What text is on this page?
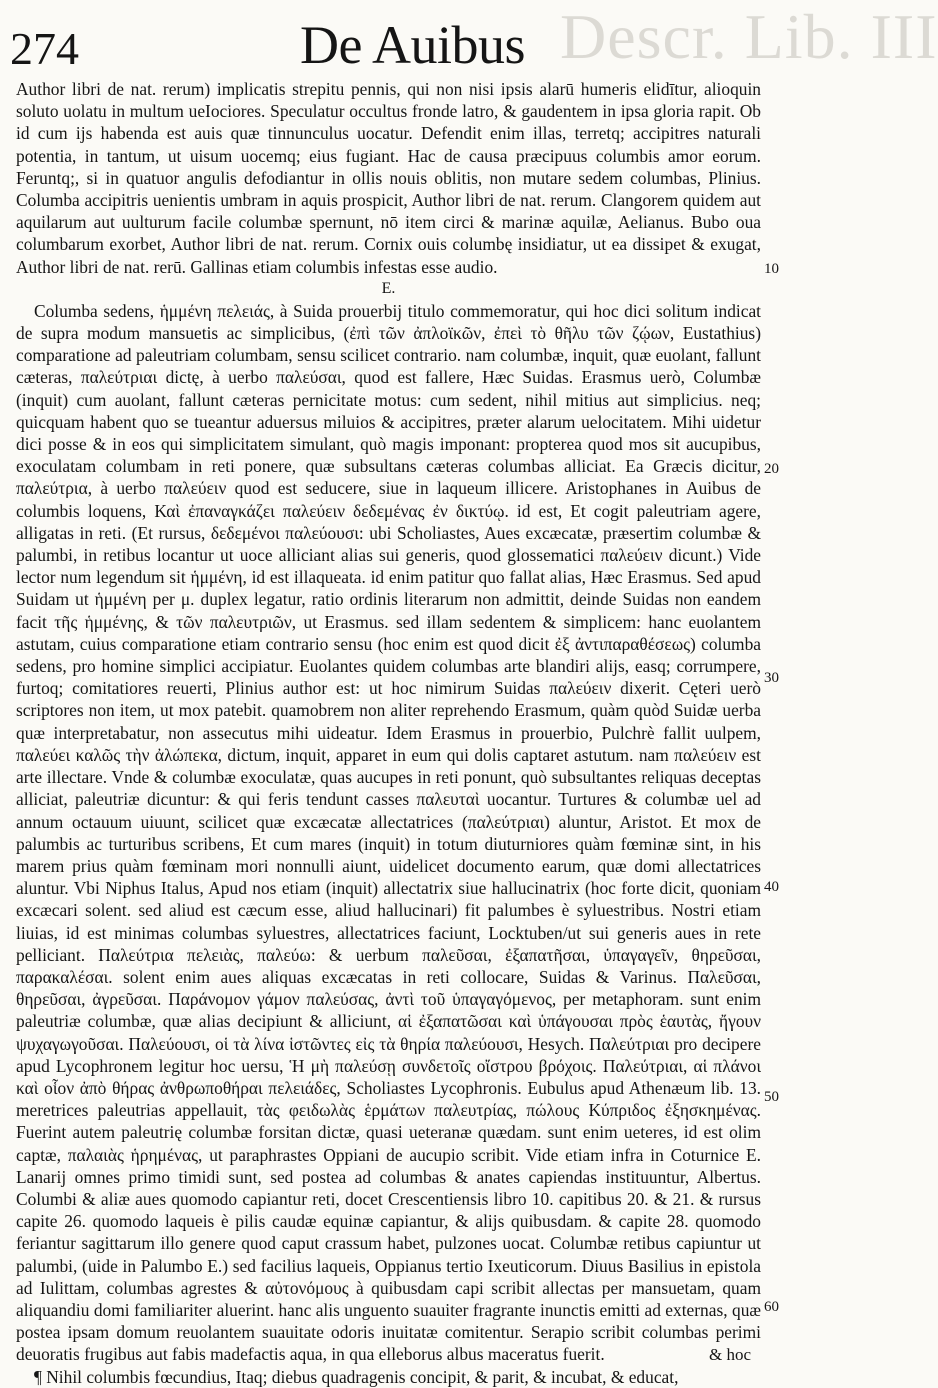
Descr. Lib. III
274	De Auibus

Author libri de nat. rerum) implicatis strepitu pennis, qui non nisi ipsis alarū humeris elidītur, alioquin soluto uolatu in multum ueIociores. Speculatur occultus fronde latro, & gaudentem in ipsa gloria rapit. Ob id cum ijs habenda est auis quæ tinnunculus uocatur. Defendit enim illas, terretq; accipitres naturali potentia, in tantum, ut uisum uocemq; eius fugiant. Hac de causa præcipuus columbis amor eorum. Feruntq;, si in quatuor angulis defodiantur in ollis nouis oblitis, non mutare sedem columbas, Plinius. Columba accipitris uenientis umbram in aquis prospicit, Author libri de nat. rerum. Clangorem quidem aut aquilarum aut uulturum facile columbæ spernunt, nō item circi & marinæ aquilæ, Aelianus. Bubo oua columbarum exorbet, Author libri de nat. rerum. Cornix ouis columbę insidiatur, ut ea dissipet & exugat, Author libri de nat. rerū. Gallinas etiam columbis infestas esse audio.

E.

Columba sedens, ἡμμένη πελειάς, à Suida prouerbij titulo commemoratur, qui hoc dici solitum indicat de supra modum mansuetis ac simplicibus, (ἐπὶ τῶν ἀπλοϊκῶν, ἐπεὶ τὸ θῆλυ τῶν ζῴων, Eustathius) comparatione ad paleutriam columbam, sensu scilicet contrario. nam columbæ, inquit, quæ euolant, fallunt cæteras, παλεύτριαι dictę, à uerbo παλεύσαι, quod est fallere, Hæc Suidas. Erasmus uerò, Columbæ (inquit) cum auolant, fallunt cæteras pernicitate motus: cum sedent, nihil mitius aut simplicius. neq; quicquam habent quo se tueantur aduersus miluios & accipitres, præter alarum uelocitatem. Mihi uidetur dici posse & in eos qui simplicitatem simulant, quò magis imponant: propterea quod mos sit aucupibus, exoculatam columbam in reti ponere, quæ subsultans cæteras columbas alliciat. Ea Græcis dicitur, παλεύτρια, à uerbo παλεύειν quod est seducere, siue in laqueum illicere. Aristophanes in Auibus de columbis loquens, Καὶ ἐπαναγκάζει παλεύειν δεδεμένας ἐν δικτύῳ. id est, Et cogit paleutriam agere, alligatas in reti. (Et rursus, δεδεμένοι παλεύουσι: ubi Scholiastes, Aues excæcatæ, præsertim columbæ & palumbi, in retibus locantur ut uoce alliciant alias sui generis, quod glossematici παλεύειν dicunt.) Vide lector num legendum sit ἡμμένη, id est illaqueata. id enim patitur quo fallat alias, Hæc Erasmus. Sed apud Suidam ut ἡμμένη per μ. duplex legatur, ratio ordinis literarum non admittit, deinde Suidas non eandem facit τῆς ἡμμένης, & τῶν παλευτριῶν, ut Erasmus. sed illam sedentem & simplicem: hanc euolantem astutam, cuius comparatione etiam contrario sensu (hoc enim est quod dicit ἐξ ἀντιπαραθέσεως) columba sedens, pro homine simplici accipiatur. Euolantes quidem columbas arte blandiri alijs, easq; corrumpere, furtoq; comitatiores reuerti, Plinius author est: ut hoc nimirum Suidas παλεύειν dixerit. Cęteri uerò scriptores non item, ut mox patebit. quamobrem non aliter reprehendo Erasmum, quàm quòd Suidæ uerba quæ interpretabatur, non assecutus mihi uideatur. Idem Erasmus in prouerbio, Pulchrè fallit uulpem, παλεύει καλῶς τὴν ἀλώπεκα, dictum, inquit, apparet in eum qui dolis captaret astutum. nam παλεύειν est arte illectare. Vnde & columbæ exoculatæ, quas aucupes in reti ponunt, quò subsultantes reliquas deceptas alliciat, paleutriæ dicuntur: & qui feris tendunt casses παλευταὶ uocantur. Turtures & columbæ uel ad annum octauum uiuunt, scilicet quæ excæcatæ allectatrices (παλεύτριαι) aluntur, Aristot. Et mox de palumbis ac turturibus scribens, Et cum mares (inquit) in totum diuturniores quàm fœminæ sint, in his marem prius quàm fœminam mori nonnulli aiunt, uidelicet documento earum, quæ domi allectatrices aluntur. Vbi Niphus Italus, Apud nos etiam (inquit) allectatrix siue hallucinatrix (hoc forte dicit, quoniam excæcari solent. sed aliud est cæcum esse, aliud hallucinari) fit palumbes è syluestribus. Nostri etiam liuias, id est minimas columbas syluestres, allectatrices faciunt, Locktuben/ut sui generis aues in rete pelliciant. Παλεύτρια πελειὰς, παλεύω: & uerbum παλεῦσαι, ἐξαπατῆσαι, ὑπαγαγεῖν, θηρεῦσαι, παρακαλέσαι. solent enim aues aliquas excæcatas in reti collocare, Suidas & Varinus. Παλεῦσαι, θηρεῦσαι, ἀγρεῦσαι. Παράνομον γάμον παλεύσας, ἀντὶ τοῦ ὑπαγαγόμενος, per metaphoram. sunt enim paleutriæ columbæ, quæ alias decipiunt & alliciunt, αἱ ἐξαπατῶσαι καὶ ὑπάγουσαι πρὸς ἑαυτὰς, ἤγουν ψυχαγωγοῦσαι. Παλεύουσι, οἱ τὰ λίνα ἱστῶντες εἰς τὰ θηρία παλεύουσι, Hesych. Παλεύτριαι pro decipere apud Lycophronem legitur hoc uersu, Ἡ μὴ παλεύσῃ συνδετοῖς οἴστρου βρόχοις. Παλεύτριαι, αἱ πλάνοι καὶ οἷον ἀπὸ θήρας ἀνθρωποθήραι πελειάδες, Scholiastes Lycophronis. Eubulus apud Athenæum lib. 13. meretrices paleutrias appellauit, τὰς φειδωλὰς ἑρμάτων παλευτρίας, πώλους Κύπριδος ἐξησκημένας. Fuerint autem paleutrię columbæ forsitan dictæ, quasi ueteranæ quædam. sunt enim ueteres, id est olim captæ, παλαιὰς ἡρημένας, ut paraphrastes Oppiani de aucupio scribit. Vide etiam infra in Coturnice E. Lanarij omnes primo timidi sunt, sed postea ad columbas & anates capiendas instituuntur, Albertus. Columbi & aliæ aues quomodo capiantur reti, docet Crescentiensis libro 10. capitibus 20. & 21. & rursus capite 26. quomodo laqueis è pilis caudæ equinæ capiantur, & alijs quibusdam. & capite 28. quomodo feriantur sagittarum illo genere quod caput crassum habet, pulzones uocat. Columbæ retibus capiuntur ut palumbi, (uide in Palumbo E.) sed facilius laqueis, Oppianus tertio Ixeuticorum. Diuus Basilius in epistola ad Iulittam, columbas agrestes & αὐτονόμους à quibusdam capi scribit allectas per mansuetam, quam aliquandiu domi familiariter aluerint. hanc alis unguento suauiter fragrante inunctis emitti ad externas, quæ postea ipsam domum reuolantem suauitate odoris inuitatæ comitentur. Serapio scribit columbas perimi deuoratis frugibus aut fabis madefactis aqua, in qua elleborus albus maceratus fuerit.

¶ Nihil columbis fœcundius, Itaq; diebus quadragenis concipit, & parit, & incubat, & educat,

10
20
30
40
50
60
& hoc
